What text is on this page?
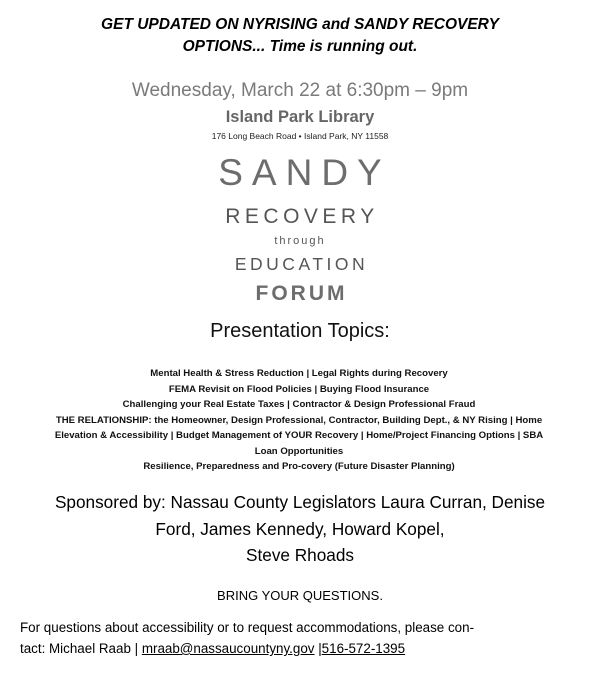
GET UPDATED ON NYRISING and SANDY RECOVERY
OPTIONS... Time is running out.
Wednesday, March 22 at 6:30pm – 9pm
Island Park Library
176 Long Beach Road • Island Park, NY 11558
SANDY
RECOVERY
through
EDUCATION
FORUM
Presentation Topics:
Mental Health & Stress Reduction | Legal Rights during Recovery
FEMA Revisit on Flood Policies | Buying Flood Insurance
Challenging your Real Estate Taxes | Contractor & Design Professional Fraud
THE RELATIONSHIP: the Homeowner, Design Professional, Contractor, Building Dept., & NY Rising | Home
Elevation & Accessibility | Budget Management of YOUR Recovery | Home/Project Financing Options | SBA
Loan Opportunities
Resilience, Preparedness and Pro-covery (Future Disaster Planning)
Sponsored by: Nassau County Legislators Laura Curran, Denise
Ford, James Kennedy, Howard Kopel,
Steve Rhoads
BRING YOUR QUESTIONS.
For questions about accessibility or to request accommodations, please con-
tact: Michael Raab | mraab@nassaucountyny.gov |516-572-1395
